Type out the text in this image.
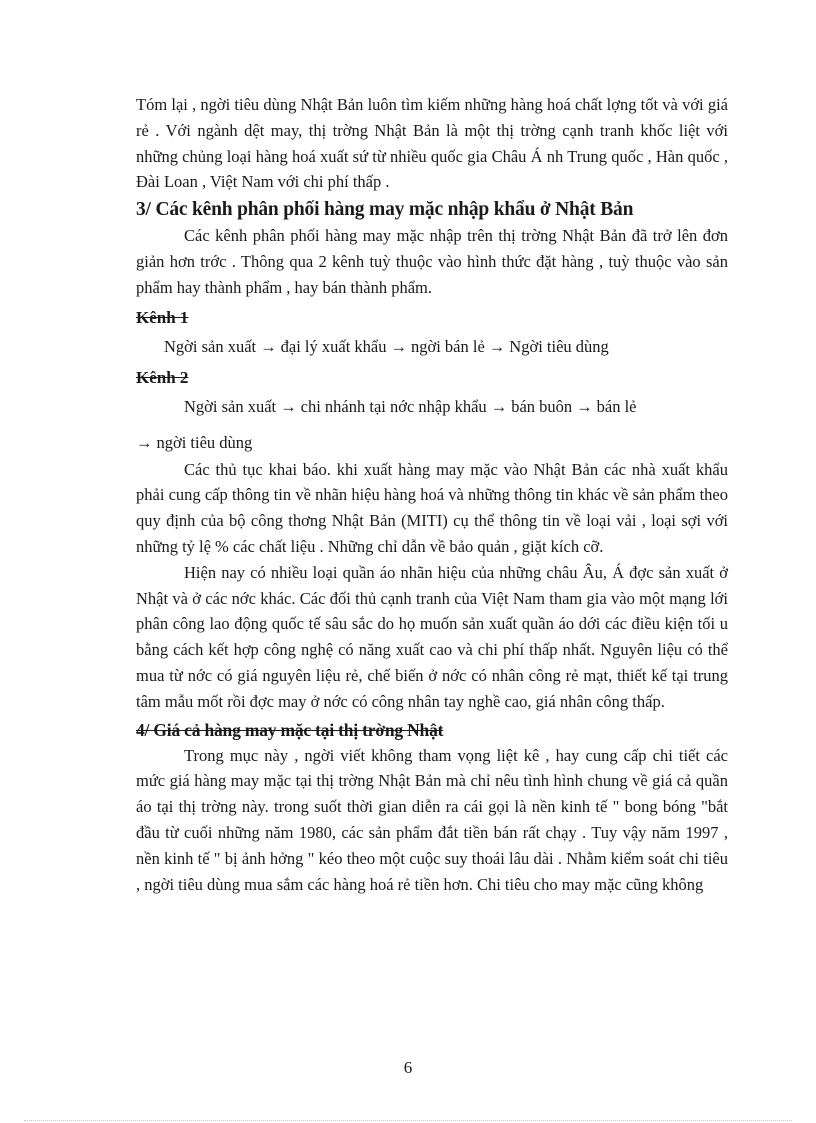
Tóm lại , ngời tiêu dùng Nhật Bản luôn tìm kiếm những hàng hoá chất lợng tốt và với giá rẻ . Với ngành dệt may, thị trờng Nhật Bản là một thị trờng cạnh tranh khốc liệt với những chủng loại hàng hoá xuất sứ từ nhiều quốc gia Châu Á nh Trung quốc , Hàn quốc , Đài Loan , Việt Nam với chi phí thấp .

3/ Các kênh phân phối hàng may mặc nhập khẩu ở Nhật Bản

Các kênh phân phối hàng may mặc nhập trên thị trờng Nhật Bản đã trở lên đơn giản hơn trớc . Thông qua 2 kênh tuỳ thuộc vào hình thức đặt hàng , tuỳ thuộc vào sản phẩm hay thành phẩm , hay bán thành phẩm.

Kênh 1

Ngời sản xuất → đại lý xuất khẩu → ngời bán lẻ → Ngời tiêu dùng

Kênh 2

Ngời sản xuất → chi nhánh tại nớc nhập khẩu → bán buôn → bán lẻ

→ ngời tiêu dùng

Các thủ tục khai báo. khi xuất hàng may mặc vào Nhật Bản các nhà xuất khẩu phải cung cấp thông tin về nhãn hiệu hàng hoá và những thông tin khác về sản phẩm theo quy định của bộ công thơng Nhật Bản (MITI) cụ thể thông tin về loại vải , loại sợi với những tỷ lệ % các chất liệu . Những chỉ dẫn về bảo quản , giặt kích cỡ.

Hiện nay có nhiều loại quần áo nhãn hiệu của những châu Âu, Á đợc sản xuất ở Nhật và ở các nớc khác. Các đối thủ cạnh tranh của Việt Nam tham gia vào một mạng lới phân công lao động quốc tế sâu sắc do họ muốn sản xuất quần áo dới các điều kiện tối u bằng cách kết hợp công nghệ có năng xuất cao và chi phí thấp nhất. Nguyên liệu có thể mua từ nớc có giá nguyên liệu rẻ, chế biến ở nớc có nhân công rẻ mạt, thiết kế tại trung tâm mẫu mốt rồi đợc may ở nớc có công nhân tay nghề cao, giá nhân công thấp.

4/ Giá cả hàng may mặc tại thị trờng Nhật

Trong mục này , ngời viết không tham vọng liệt kê , hay cung cấp chi tiết các mức giá hàng may mặc tại thị trờng Nhật Bản mà chỉ nêu tình hình chung về giá cả quần áo tại thị trờng này. trong suốt thời gian diễn ra cái gọi là nền kinh tế " bong bóng "bắt đầu từ cuối những năm 1980, các sản phẩm đắt tiền bán rất chạy . Tuy vậy năm 1997 , nền kinh tế " bị ảnh hởng " kéo theo một cuộc suy thoái lâu dài . Nhằm kiểm soát chi tiêu , ngời tiêu dùng mua sắm các hàng hoá rẻ tiền hơn. Chi tiêu cho may mặc cũng không

6
